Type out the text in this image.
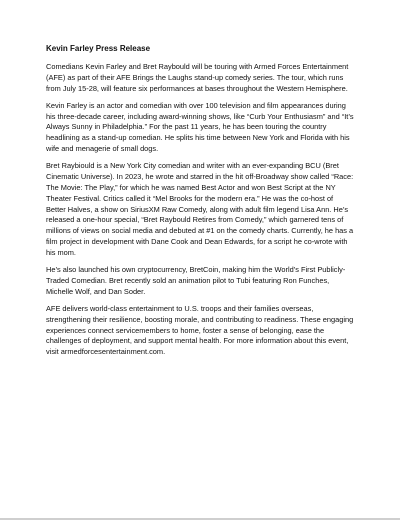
Kevin Farley Press Release

Comedians Kevin Farley and Bret Raybould will be touring with Armed Forces Entertainment (AFE) as part of their AFE Brings the Laughs stand-up comedy series. The tour, which runs from July 15-28, will feature six performances at bases throughout the Western Hemisphere.

Kevin Farley is an actor and comedian with over 100 television and film appearances during his three-decade career, including award-winning shows, like “Curb Your Enthusiasm” and “It’s Always Sunny in Philadelphia.” For the past 11 years, he has been touring the country headlining as a stand-up comedian. He splits his time between New York and Florida with his wife and menagerie of small dogs.

Bret Raybiould is a New York City comedian and writer with an ever-expanding BCU (Bret Cinematic Universe). In 2023, he wrote and starred in the hit off-Broadway show called “Race: The Movie: The Play,” for which he was named Best Actor and won Best Script at the NY Theater Festival. Critics called it “Mel Brooks for the modern era.” He was the co-host of Better Halves, a show on SiriusXM Raw Comedy, along with adult film legend Lisa Ann. He’s released a one-hour special, “Bret Raybould Retires from Comedy,” which garnered tens of millions of views on social media and debuted at #1 on the comedy charts. Currently, he has a film project in development with Dane Cook and Dean Edwards, for a script he co-wrote with his mom.

He’s also launched his own cryptocurrency, BretCoin, making him the World’s First Publicly-Traded Comedian. Bret recently sold an animation pilot to Tubi featuring Ron Funches, Michelle Wolf, and Dan Soder.

AFE delivers world-class entertainment to U.S. troops and their families overseas, strengthening their resilience, boosting morale, and contributing to readiness. These engaging experiences connect servicemembers to home, foster a sense of belonging, ease the challenges of deployment, and support mental health. For more information about this event, visit armedforcesentertainment.com.
